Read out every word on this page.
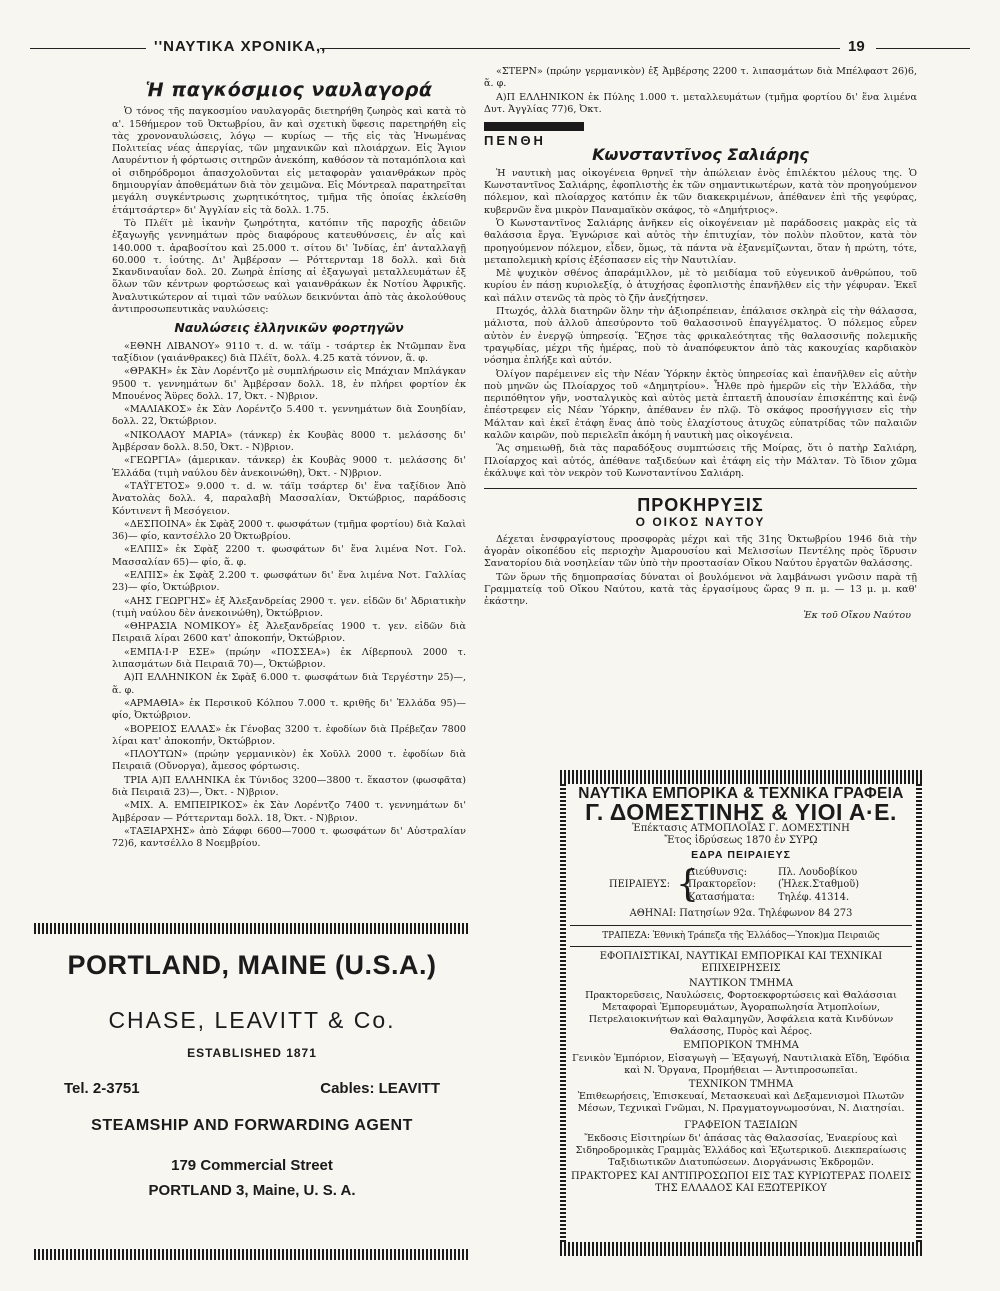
''ΝΑΥΤΙΚΑ ΧΡΟΝΙΚΑ,,	19
Ἡ παγκόσμιος ναυλαγορά

Ὁ τόνος τῆς παγκοσμίου ναυλαγορᾶς διετηρήθη ζωηρὸς καὶ κατὰ τὸ α'. 15θήμερον τοῦ Ὀκτωβρίου, ἂν καὶ σχετικὴ ὕφεσις παρετηρήθη εἰς τὰς χρονοναυλώσεις, λόγῳ — κυρίως — τῆς εἰς τὰς Ἡνωμένας Πολιτείας νέας ἀπεργίας, τῶν μηχανικῶν καὶ πλοιάρχων. Εἰς Ἅγιον Λαυρέντιον ἡ φόρτωσις σιτηρῶν ἀνεκόπη, καθόσον τὰ ποταμόπλοια καὶ οἱ σιδηρόδρομοι ἀπασχολοῦνται εἰς μεταφορὰν γαιανθράκων πρὸς δημιουργίαν ἀποθεμάτων διὰ τὸν χειμῶνα. Εἰς Μόντρεαλ παρατηρεῖται μεγάλη συγκέντρωσις χωρητικότητος, τμῆμα τῆς ὁποίας ἐκλείσθη ἐτάμτσάρτερ» δι' Ἀγγλίαν εἰς τὰ δολλ. 1.75.

Τὸ Πλέϊτ μὲ ἱκανὴν ζωηρότητα, κατόπιν τῆς παροχῆς ἀδειῶν ἐξαγωγῆς γεννημάτων πρὸς διαφόρους κατευθύνσεις, ἐν αἷς καὶ 140.000 τ. ἀραβοσίτου καὶ 25.000 τ. σίτου δι' Ἰνδίας, ἐπ' ἀνταλλαγῇ 60.000 τ. ἰούτης. Δι' Ἀμβέρσαν — Ρόττερνταμ 18 δολλ. καὶ διὰ Σκανδιναυΐαν δολ. 20. Ζωηρὰ ἐπίσης αἱ ἐξαγωγαὶ μεταλλευμάτων ἐξ ὅλων τῶν κέντρων φορτώσεως καὶ γαιανθράκων ἐκ Νοτίου Ἀφρικῆς. Ἀναλυτικώτερον αἱ τιμαὶ τῶν ναύλων δεικνύνται ἀπὸ τὰς ἀκολούθους ἀντιπροσωπευτικὰς ναυλώσεις:

Ναυλώσεις ἑλληνικῶν φορτηγῶν

«ΕΘΝΗ ΛΙΒΑΝΟΥ» 9110 τ. d. w. τάϊμ - τσάρτερ ἐκ Ντῶμπαν ἕνα ταξίδιον (γαιάνθρακες) διὰ Πλέϊτ, δολλ. 4.25 κατὰ τόννον, ἅ. φ.

«ΘΡΑΚΗ» ἐκ Σὰν Λορέντζο μὲ συμπλήρωσιν εἰς Μπάχιαν Μπλάγκαν 9500 τ. γεννημάτων δι' Ἀμβέρσαν δολλ. 18, ἐν πλήρει φορτίον ἐκ Μπουένος Ἄϋρες δολλ. 17, Ὀκτ. - Ν)βριον.

«ΜΑΛΙΑΚΟΣ» ἐκ Σὰν Λορέντζο 5.400 τ. γεννημάτων διὰ Σουηδίαν, δολλ. 22, Ὀκτώβριον.

«ΝΙΚΟΛΑΟΥ ΜΑΡΙΑ» (τάνκερ) ἐκ Κουβὰς 8000 τ. μελάσσης δι' Ἀμβέρσαν δολλ. 8.50, Ὀκτ. - Ν)βριον.

«ΓΕΩΡΓΙΑ» (ἀμερικαν. τάνκερ) ἐκ Κουβὰς 9000 τ. μελάσσης δι' Ἑλλάδα (τιμὴ ναύλου δὲν ἀνεκοινώθη), Ὀκτ. - Ν)βριον.

«ΤΑΫΓΕΤΟΣ» 9.000 τ. d. w. τάϊμ τσάρτερ δι' ἕνα ταξίδιον Ἀπὸ Ἀνατολὰς δολλ. 4, παραλαβὴ Μασσαλίαν, Ὀκτώβριος, παράδοσις Κόντινεντ ἢ Μεσόγειον.

«ΔΕΣΠΟΙΝΑ» ἐκ Σφὰξ 2000 τ. φωσφάτων (τμῆμα φορτίου) διὰ Καλαὶ 36)— φίο, καντσέλλο 20 Ὀκτωβρίου.

«ΕΛΠΙΣ» ἐκ Σφὰξ 2200 τ. φωσφάτων δι' ἕνα λιμένα Νοτ. Γολ. Μασσαλίαν 65)— φίο, ἅ. φ.

«ΕΛΠΙΣ» ἐκ Σφὰξ 2.200 τ. φωσφάτων δι' ἕνα λιμένα Νοτ. Γαλλίας 23)— φίο, Ὀκτώβριον.

«ΑΗΣ ΓΕΩΡΓΗΣ» ἐξ Ἀλεξανδρείας 2900 τ. γεν. εἰδῶν δι' Ἀδριατικὴν (τιμὴ ναύλου δὲν ἀνεκοινώθη), Ὀκτώβριον.

«ΘΗΡΑΣΙΑ ΝΟΜΙΚΟΥ» ἐξ Ἀλεξανδρείας 1900 τ. γεν. εἰδῶν διὰ Πειραιᾶ λίραι 2600 κατ' ἀποκοπήν, Ὀκτώβριον.

«ΕΜΠΑ·Ι·Ρ ΕΣΕ» (πρώην «ΠΟΣΣΕΑ») ἐκ Λίβερπουλ 2000 τ. λιπασμάτων διὰ Πειραιᾶ 70)—, Ὀκτώβριον.

Α)Π ΕΛΛΗΝΙΚΟΝ ἐκ Σφὰξ 6.000 τ. φωσφάτων διὰ Τεργέστην 25)—, ἅ. φ.

«ΑΡΜΑΘΙΑ» ἐκ Περσικοῦ Κόλπου 7.000 τ. κριθῆς δι' Ἑλλάδα 95)— φίο, Ὀκτώβριον.

«ΒΟΡΕΙΟΣ ΕΛΛΑΣ» ἐκ Γένοβας 3200 τ. ἐφοδίων διὰ Πρέβεζαν 7800 λίραι κατ' ἀποκοπήν, Ὀκτώβριον.

«ΠΛΟΥΤΩΝ» (πρώην γερμανικὸν) ἐκ Χοῦλλ 2000 τ. ἐφοδίων διὰ Πειραιᾶ (Οὔνοργα), ἄμεσος φόρτωσις.

ΤΡΙΑ Α)Π ΕΛΛΗΝΙΚΑ ἐκ Τύνιδος 3200—3800 τ. ἕκαστον (φωσφᾶτα) διὰ Πειραιᾶ 23)—, Ὀκτ. - Ν)βριον.

«ΜΙΧ. Α. ΕΜΠΕΙΡΙΚΟΣ» ἐκ Σὰν Λορέντζο 7400 τ. γεννημάτων δι' Ἀμβέρσαν — Ρόττερνταμ δολλ. 18, Ὀκτ. - Ν)βριον.

«ΤΑΞΙΑΡΧΗΣ» ἀπὸ Σάφφι 6600—7000 τ. φωσφάτων δι' Αὐστραλίαν 72)6, καντσέλλο 8 Νοεμβρίου.

PORTLAND, MAINE (U.S.A.)
CHASE, LEAVITT & Co.
ESTABLISHED 1871
Tel. 2-3751	Cables: LEAVITT
STEAMSHIP AND FORWARDING AGENT
179 Commercial Street
PORTLAND 3, Maine, U. S. A.

«ΣΤΕΡΝ» (πρώην γερμανικὸν) ἐξ Ἀμβέρσης 2200 τ. λιπασμάτων διὰ Μπέλφαστ 26)6, ἅ. φ.

Α)Π ΕΛΛΗΝΙΚΟΝ ἐκ Πύλης 1.000 τ. μεταλλευμάτων (τμῆμα φορτίου δι' ἕνα λιμένα Δυτ. Ἀγγλίας 77)6, Ὀκτ.

ΠΕΝΘΗ
Κωνσταντῖνος Σαλιάρης

Ἡ ναυτικὴ μας οἰκογένεια θρηνεῖ τὴν ἀπώλειαν ἑνὸς ἐπιλέκτου μέλους της. Ὁ Κωνσταντῖνος Σαλιάρης, ἐφοπλιστὴς ἐκ τῶν σημαντικωτέρων, κατὰ τὸν προηγούμενον πόλεμον, καὶ πλοίαρχος κατόπιν ἐκ τῶν διακεκριμένων, ἀπέθανεν ἐπὶ τῆς γεφύρας, κυβερνῶν ἕνα μικρὸν Παναμαϊκὸν σκάφος, τὸ «Δημήτριος».

Ὁ Κωνσταντῖνος Σαλιάρης ἀνῆκεν εἰς οἰκογένειαν μὲ παράδοσεις μακρὰς εἰς τὰ θαλάσσια ἔργα. Ἐγνώρισε καὶ αὐτὸς τὴν ἐπιτυχίαν, τὸν πολὺν πλοῦτον, κατὰ τὸν προηγούμενον πόλεμον, εἶδεν, ὅμως, τὰ πάντα νὰ ἐξανεμίζωνται, ὅταν ἡ πρώτη, τότε, μεταπολεμικὴ κρίσις ἐξέσπασεν εἰς τὴν Ναυτιλίαν.

Μὲ ψυχικὸν σθένος ἀπαράμιλλον, μὲ τὸ μειδίαμα τοῦ εὐγενικοῦ ἀνθρώπου, τοῦ κυρίου ἐν πάσῃ κυριολεξίᾳ, ὁ ἀτυχήσας ἐφοπλιστὴς ἐπανῆλθεν εἰς τὴν γέφυραν. Ἐκεῖ καὶ πάλιν στενῶς τὰ πρὸς τὸ ζῆν ἀνεζήτησεν.

Πτωχός, ἀλλὰ διατηρῶν ὅλην τὴν ἀξιοπρέπειαν, ἐπάλαισε σκληρὰ εἰς τὴν θάλασσα, μάλιστα, ποὺ ἀλλοῦ ἀπεσύροντο τοῦ θαλασσινοῦ ἐπαγγέλματος. Ὁ πόλεμος εὗρεν αὐτὸν ἐν ἐνεργῷ ὑπηρεσίᾳ. Ἔζησε τὰς φρικαλεότητας τῆς θαλασσινῆς πολεμικῆς τραγῳδίας, μέχρι τῆς ἡμέρας, ποὺ τὸ ἀναπόφευκτον ἀπὸ τὰς κακουχίας καρδιακὸν νόσημα ἐπλήξε καὶ αὐτόν.

Ὀλίγον παρέμεινεν εἰς τὴν Νέαν Ὑόρκην ἐκτὸς ὑπηρεσίας καὶ ἐπανῆλθεν εἰς αὐτὴν ποὺ μηνῶν ὡς Πλοίαρχος τοῦ «Δημητρίου». Ἦλθε πρὸ ἡμερῶν εἰς τὴν Ἑλλάδα, τὴν περιπόθητον γῆν, νοσταλγικὸς καὶ αὐτὸς μετὰ ἑπταετῆ ἀπουσίαν ἐπισκέπτης καὶ ἐνῷ ἐπέστρεφεν εἰς Νέαν Ὑόρκην, ἀπέθανεν ἐν πλῷ. Τὸ σκάφος προσήγγισεν εἰς τὴν Μάλταν καὶ ἐκεῖ ἐτάφη ἕνας ἀπὸ τοὺς ἐλαχίστους ἀτυχῶς εὐπατρίδας τῶν παλαιῶν καλῶν καιρῶν, ποὺ περιελεῖπ ἀκόμη ἡ ναυτικὴ μας οἰκογένεια.

Ἂς σημειωθῇ, διὰ τὰς παραδόξους συμπτώσεις τῆς Μοίρας, ὅτι ὁ πατὴρ Σαλιάρη, Πλοίαρχος καὶ αὐτός, ἀπέθανε ταξιδεύων καὶ ἐτάφη εἰς τὴν Μάλταν. Τὸ ἴδιον χῶμα ἐκάλυψε καὶ τὸν νεκρὸν τοῦ Κωνσταντίνου Σαλιάρη.

ΠΡΟΚΗΡΥΞΙΣ
Ο ΟΙΚΟΣ ΝΑΥΤΟΥ

Δέχεται ἐνσφραγίστους προσφορὰς μέχρι καὶ τῆς 31ης Ὀκτωβρίου 1946 διὰ τὴν ἀγορὰν οἰκοπέδου εἰς περιοχὴν Ἀμαρουσίου καὶ Μελισσίων Πεντέλης πρὸς ἵδρυσιν Σανατορίου διὰ νοσηλείαν τῶν ὑπὸ τὴν προστασίαν Οἴκου Ναύτου ἐργατῶν θαλάσσης.

Τῶν ὅρων τῆς δημοπρασίας δύναται οἱ βουλόμενοι νὰ λαμβάνωσι γνῶσιν παρὰ τῇ Γραμματείᾳ τοῦ Οἴκου Ναύτου, κατὰ τὰς ἐργασίμους ὥρας 9 π. μ. — 13 μ. μ. καθ' ἑκάστην.

Ἐκ τοῦ Οἴκου Ναύτου
ΝΑΥΤΙΚΑ ΕΜΠΟΡΙΚΑ & ΤΕΧΝΙΚΑ ΓΡΑΦΕΙΑ
Γ. ΔΟΜΕΣΤΙΝΗΣ & ΥΙΟΙ Α·Ε.
Ἐπέκτασις ΑΤΜΟΠΛΟΪΑΣ Γ. ΔΟΜΕΣΤΙΝΗ
Ἔτος ἱδρύσεως 1870 ἐν ΣΥΡῼ
ΕΔΡΑ ΠΕΙΡΑΙΕΥΣ
ΠΕΙΡΑΙΕΥΣ: {
Διεύθυνσις:	Πλ. Λουδοβίκου
Πρακτορεῖον:	(Ἠλεκ.Σταθμοῦ)
Κατασήματα:	Τηλέφ. 41314.
ΑΘΗΝΑΙ: Πατησίων 92α. Τηλέφωνον 84 273
ΤΡΑΠΕΖΑ: Ἐθνικὴ Τράπεζα τῆς Ἑλλάδος—Ὑποκ)μα Πειραιῶς
ΕΦΟΠΛΙΣΤΙΚΑΙ, ΝΑΥΤΙΚΑΙ ΕΜΠΟΡΙΚΑΙ ΚΑΙ ΤΕΧΝΙΚΑΙ ΕΠΙΧΕΙΡΗΣΕΙΣ
ΝΑΥΤΙΚΟΝ ΤΜΗΜΑ
Πρακτορεῦσεις, Ναυλώσεις, Φορτοεκφορτώσεις καὶ Θαλάσσιαι Μεταφοραὶ Ἐμπορευμάτων, Ἀγοραπωλησία Ἀτμοπλοίων, Πετρελαιοκινήτων καὶ Θαλαμηγῶν, Ἀσφάλεια κατὰ Κινδύνων Θαλάσσης, Πυρὸς καὶ Ἀέρος.
ΕΜΠΟΡΙΚΟΝ ΤΜΗΜΑ
Γενικὸν Ἐμπόριον, Εἰσαγωγὴ — Ἐξαγωγή, Ναυτιλιακὰ Εἴδη, Ἐφόδια καὶ Ν. Ὄργανα, Προμήθειαι — Ἀντιπροσωπεῖαι.
ΤΕΧΝΙΚΟΝ ΤΜΗΜΑ
Ἐπιθεωρήσεις, Ἐπισκευαί, Μετασκευαὶ καὶ Δεξαμενισμοὶ Πλωτῶν Μέσων, Τεχνικαὶ Γνῶμαι, Ν. Πραγματογνωμοσύναι, Ν. Διατησίαι.
ΓΡΑΦΕΙΟΝ ΤΑΞΙΔΙΩΝ
Ἔκδοσις Εἰσιτηρίων δι' ἁπάσας τὰς Θαλασσίας, Ἐναερίους καὶ Σιδηροδρομικὰς Γραμμὰς Ἑλλάδος καὶ Ἐξωτερικοῦ. Διεκπεραίωσις Ταξιδιωτικῶν Διατυπώσεων. Διοργάνωσις Ἐκδρομῶν.
ΠΡΑΚΤΟΡΕΣ ΚΑΙ ΑΝΤΙΠΡΟΣΩΠΟΙ ΕΙΣ ΤΑΣ ΚΥΡΙΩΤΕΡΑΣ ΠΟΛΕΙΣ ΤΗΣ ΕΛΛΑΔΟΣ ΚΑΙ ΕΞΩΤΕΡΙΚΟΥ
